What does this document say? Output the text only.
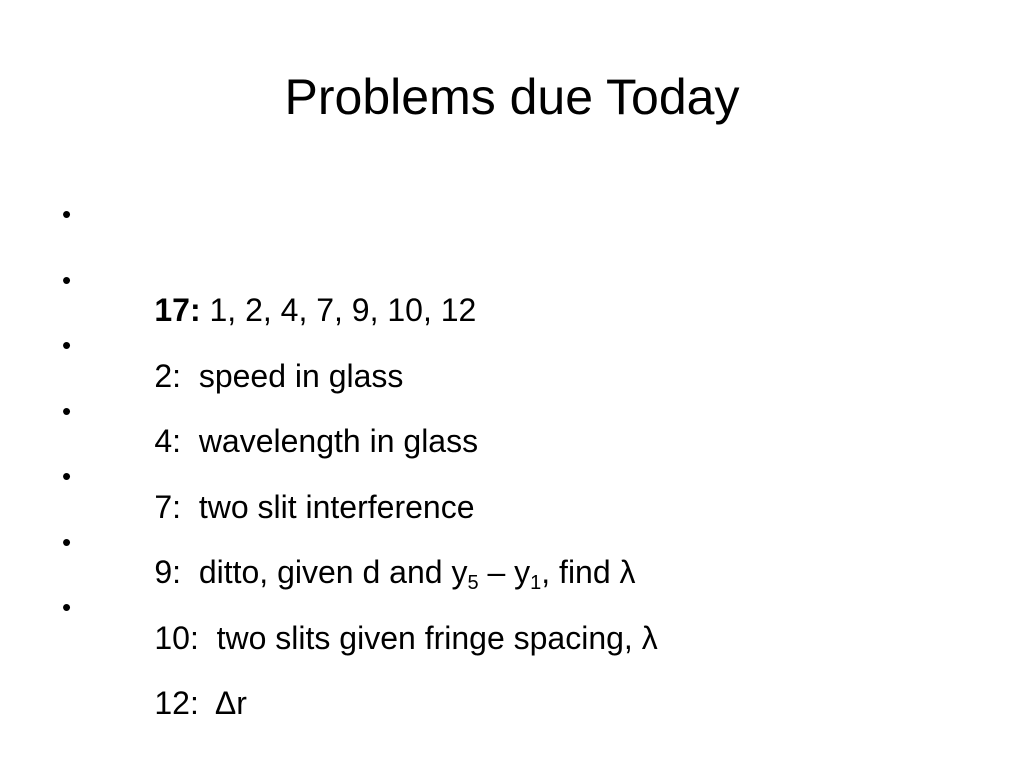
Problems due Today

•

17: 1, 2, 4, 7, 9, 10, 12

•

2:  speed in glass

•

4:  wavelength in glass

•

7:  two slit interference

•

9:  ditto, given d and $y_5 - y_1$, find λ

•

10:  two slits given fringe spacing, λ

•

12:  Δr
